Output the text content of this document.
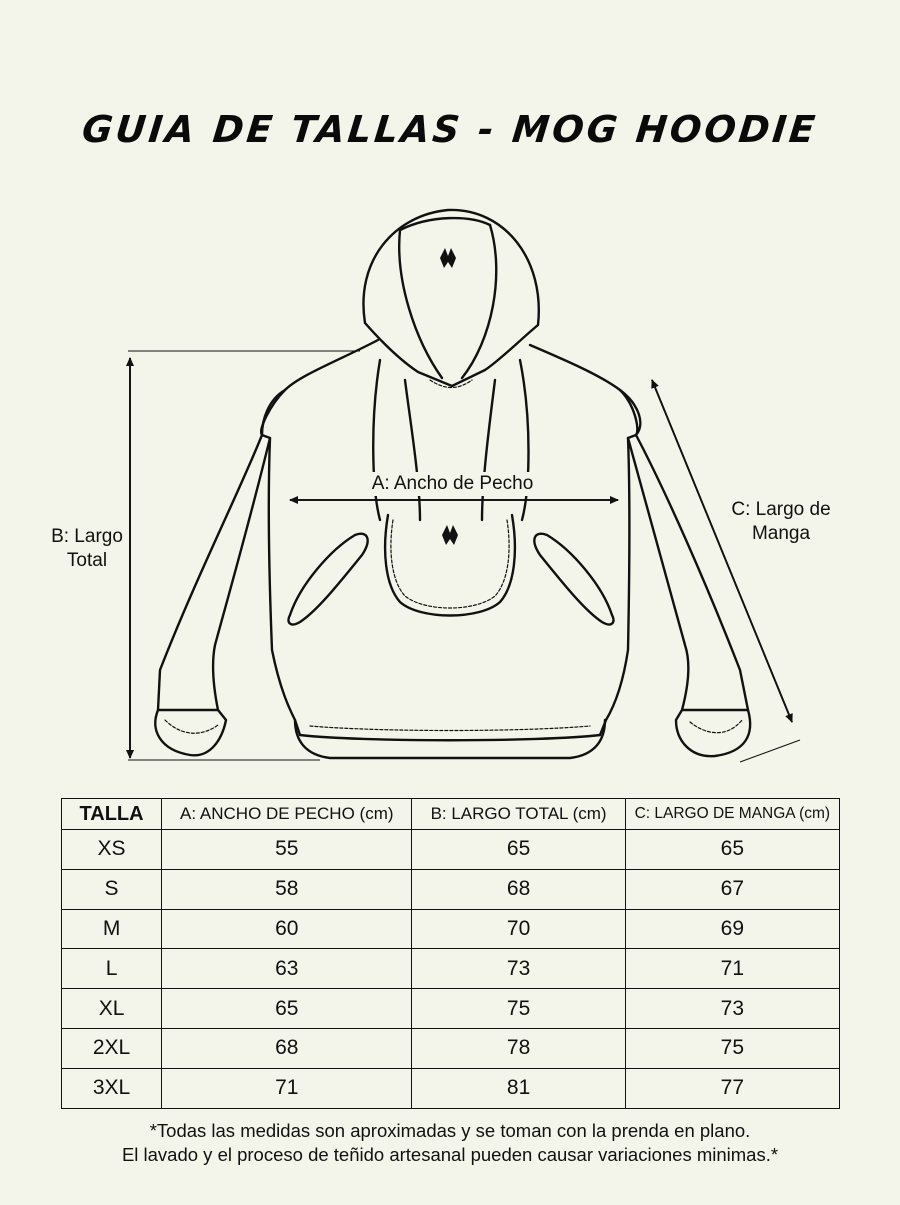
GUIA DE TALLAS - MOG HOODIE
A: Ancho de Pecho
B: Largo
Total
C: Largo de
Manga
TALLA	A: ANCHO DE PECHO (cm)	B: LARGO TOTAL (cm)	C: LARGO DE MANGA (cm)
XS	55	65	65
S	58	68	67
M	60	70	69
L	63	73	71
XL	65	75	73
2XL	68	78	75
3XL	71	81	77
*Todas las medidas son aproximadas y se toman con la prenda en plano.
El lavado y el proceso de teñido artesanal pueden causar variaciones minimas.*
